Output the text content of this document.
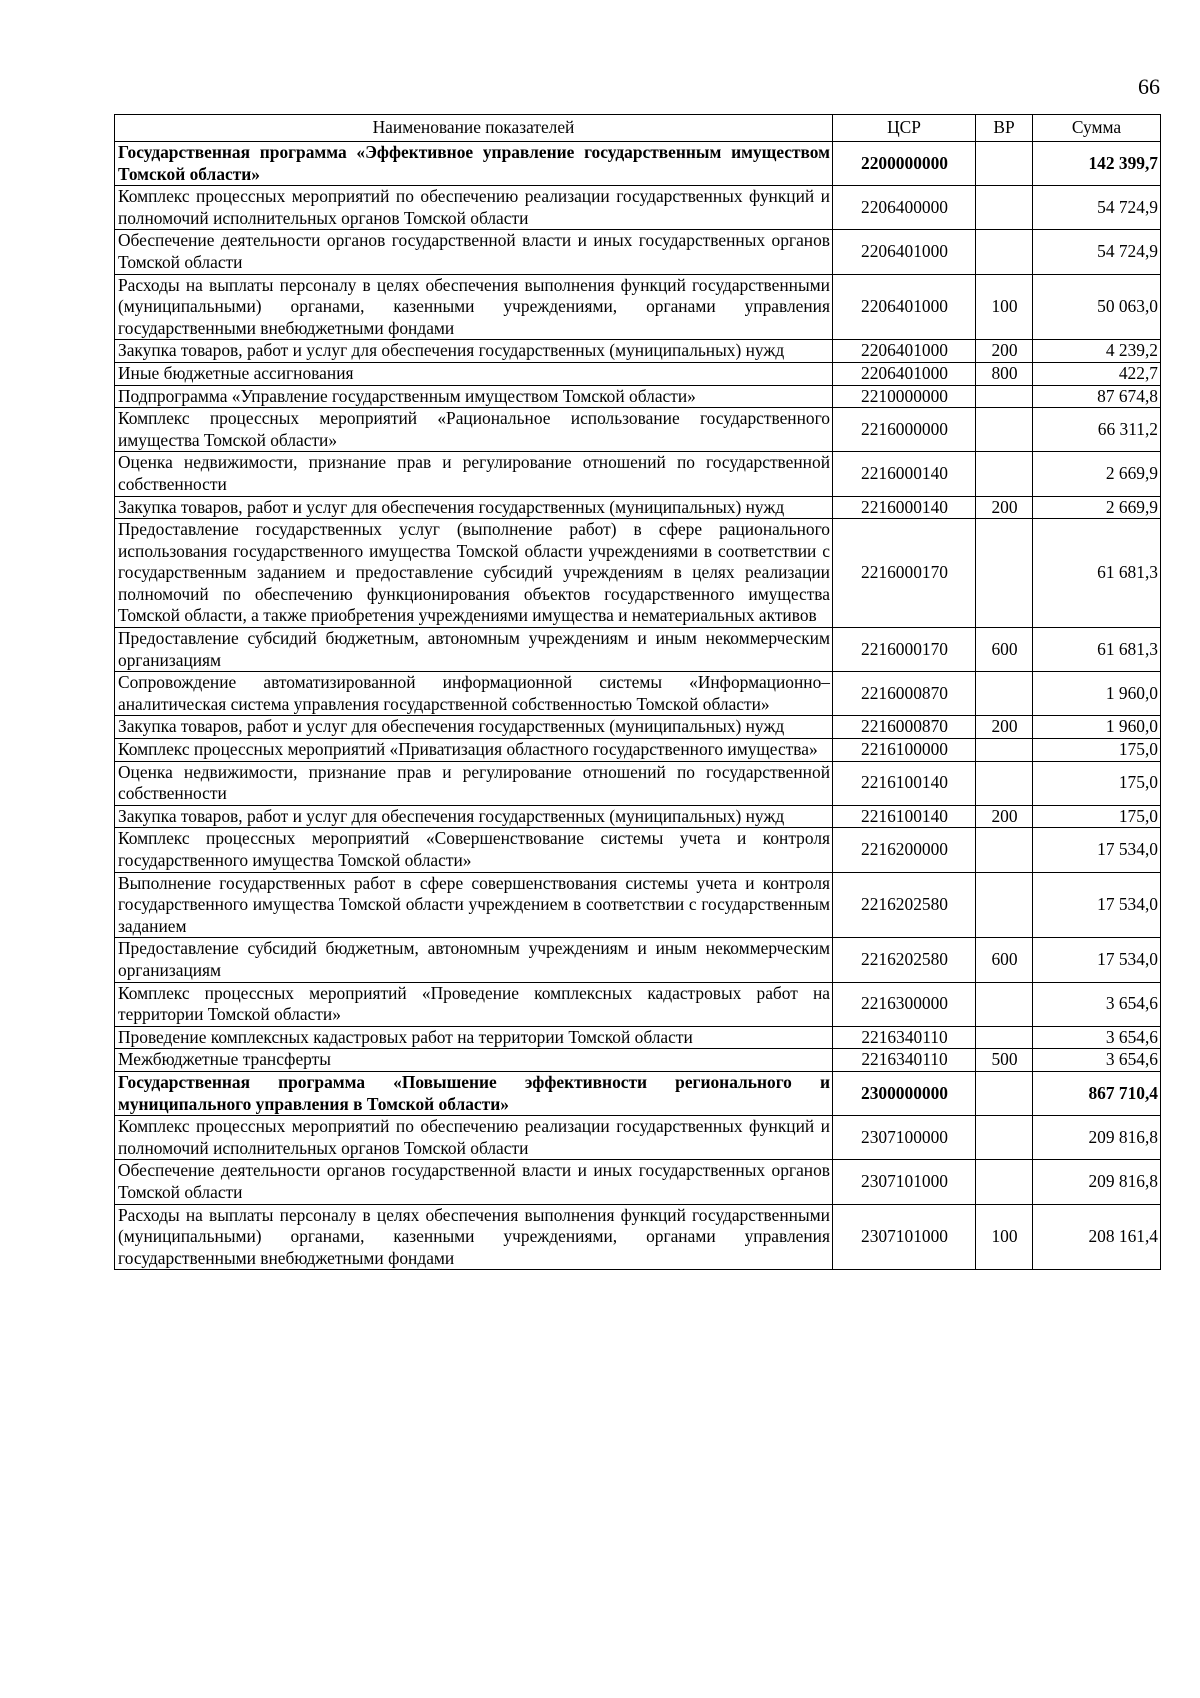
66
Наименование показателей	ЦСР	ВР	Сумма
Государственная программа «Эффективное управление государственным имуществом Томской области»	2200000000		142 399,7
Комплекс процессных мероприятий по обеспечению реализации государственных функций и полномочий исполнительных органов Томской области	2206400000		54 724,9
Обеспечение деятельности органов государственной власти и иных государственных органов Томской области	2206401000		54 724,9
Расходы на выплаты персоналу в целях обеспечения выполнения функций государственными (муниципальными) органами, казенными учреждениями, органами управления государственными внебюджетными фондами	2206401000	100	50 063,0
Закупка товаров, работ и услуг для обеспечения государственных (муниципальных) нужд	2206401000	200	4 239,2
Иные бюджетные ассигнования	2206401000	800	422,7
Подпрограмма «Управление государственным имуществом Томской области»	2210000000		87 674,8
Комплекс процессных мероприятий «Рациональное использование государственного имущества Томской области»	2216000000		66 311,2
Оценка недвижимости, признание прав и регулирование отношений по государственной собственности	2216000140		2 669,9
Закупка товаров, работ и услуг для обеспечения государственных (муниципальных) нужд	2216000140	200	2 669,9
Предоставление государственных услуг (выполнение работ) в сфере рационального использования государственного имущества Томской области учреждениями в соответствии с государственным заданием и предоставление субсидий учреждениям в целях реализации полномочий по обеспечению функционирования объектов государственного имущества Томской области, а также приобретения учреждениями имущества и нематериальных активов	2216000170		61 681,3
Предоставление субсидий бюджетным, автономным учреждениям и иным некоммерческим организациям	2216000170	600	61 681,3
Сопровождение автоматизированной информационной системы «Информационно–аналитическая система управления государственной собственностью Томской области»	2216000870		1 960,0
Закупка товаров, работ и услуг для обеспечения государственных (муниципальных) нужд	2216000870	200	1 960,0
Комплекс процессных мероприятий «Приватизация областного государственного имущества»	2216100000		175,0
Оценка недвижимости, признание прав и регулирование отношений по государственной собственности	2216100140		175,0
Закупка товаров, работ и услуг для обеспечения государственных (муниципальных) нужд	2216100140	200	175,0
Комплекс процессных мероприятий «Совершенствование системы учета и контроля государственного имущества Томской области»	2216200000		17 534,0
Выполнение государственных работ в сфере совершенствования системы учета и контроля государственного имущества Томской области учреждением в соответствии с государственным заданием	2216202580		17 534,0
Предоставление субсидий бюджетным, автономным учреждениям и иным некоммерческим организациям	2216202580	600	17 534,0
Комплекс процессных мероприятий «Проведение комплексных кадастровых работ на территории Томской области»	2216300000		3 654,6
Проведение комплексных кадастровых работ на территории Томской области	2216340110		3 654,6
Межбюджетные трансферты	2216340110	500	3 654,6
Государственная программа «Повышение эффективности регионального и муниципального управления в Томской области»	2300000000		867 710,4
Комплекс процессных мероприятий по обеспечению реализации государственных функций и полномочий исполнительных органов Томской области	2307100000		209 816,8
Обеспечение деятельности органов государственной власти и иных государственных органов Томской области	2307101000		209 816,8
Расходы на выплаты персоналу в целях обеспечения выполнения функций государственными (муниципальными) органами, казенными учреждениями, органами управления государственными внебюджетными фондами	2307101000	100	208 161,4
